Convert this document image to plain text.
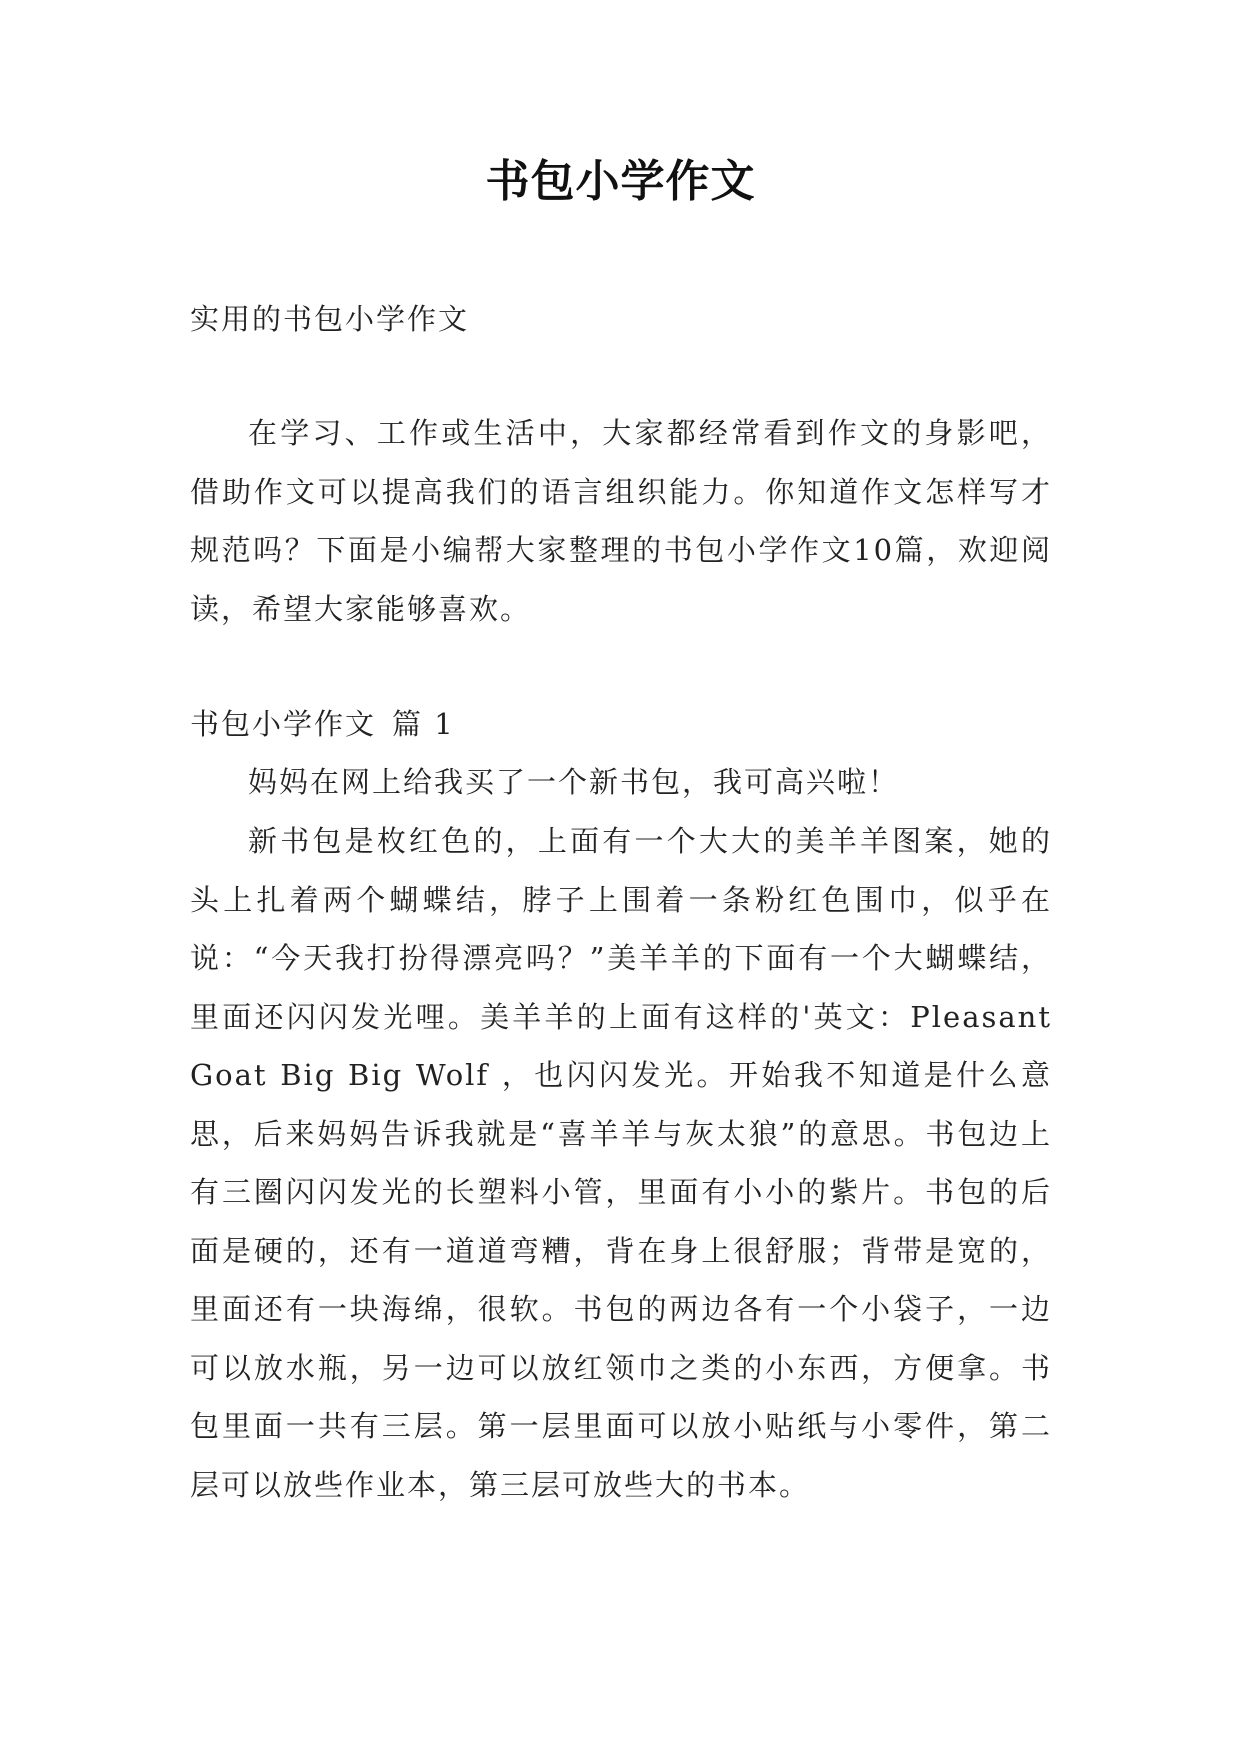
书包小学作文
实用的书包小学作文
在学习、工作或生活中，大家都经常看到作文的身影吧，借助作文可以提高我们的语言组织能力。你知道作文怎样写才规范吗？下面是小编帮大家整理的书包小学作文10篇，欢迎阅读，希望大家能够喜欢。
书包小学作文 篇 1
妈妈在网上给我买了一个新书包，我可高兴啦！
新书包是枚红色的，上面有一个大大的美羊羊图案，她的头上扎着两个蝴蝶结，脖子上围着一条粉红色围巾，似乎在说：“今天我打扮得漂亮吗？”美羊羊的下面有一个大蝴蝶结，里面还闪闪发光哩。美羊羊的上面有这样的'英文：Pleasant Goat Big Big Wolf ，也闪闪发光。开始我不知道是什么意思，后来妈妈告诉我就是“喜羊羊与灰太狼”的意思。书包边上有三圈闪闪发光的长塑料小管，里面有小小的紫片。书包的后面是硬的，还有一道道弯糟，背在身上很舒服；背带是宽的，里面还有一块海绵，很软。书包的两边各有一个小袋子，一边可以放水瓶，另一边可以放红领巾之类的小东西，方便拿。书包里面一共有三层。第一层里面可以放小贴纸与小零件，第二层可以放些作业本，第三层可放些大的书本。
